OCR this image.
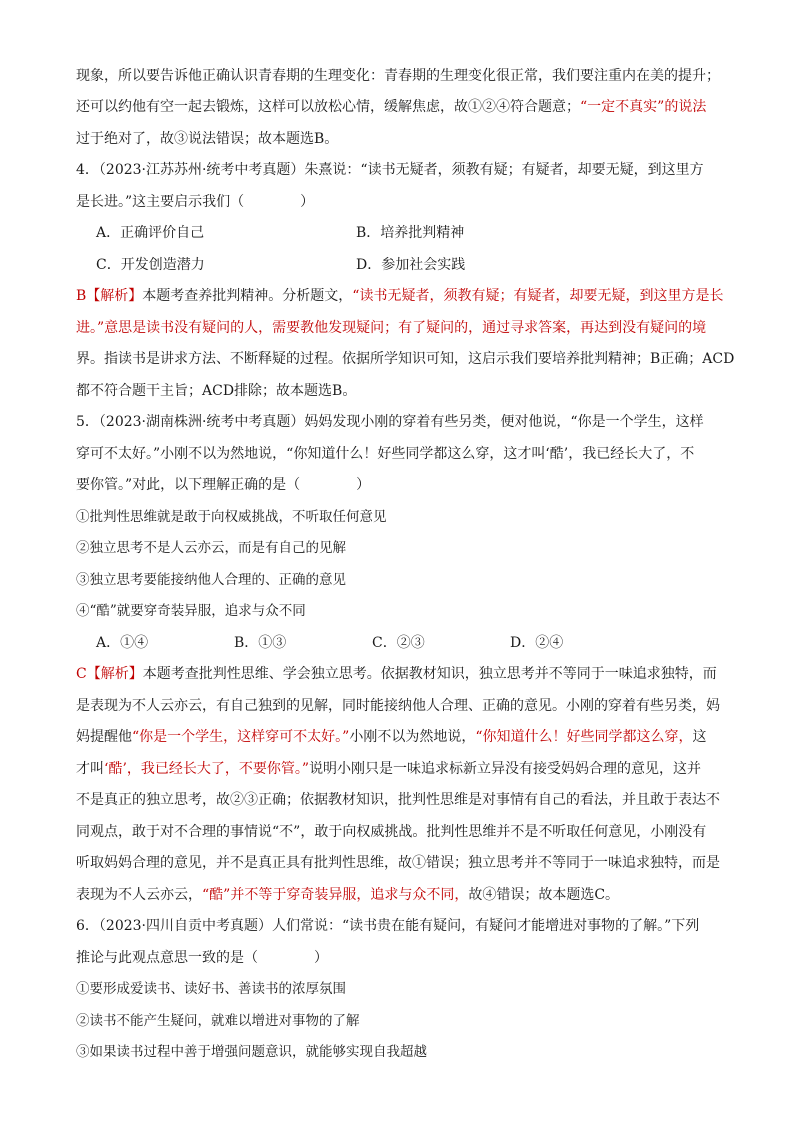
现象，所以要告诉他正确认识青春期的生理变化：青春期的生理变化很正常，我们要注重内在美的提升；
还可以约他有空一起去锻炼，这样可以放松心情，缓解焦虑，故①②④符合题意； “一定不真实”的说法
过于绝对了，故③说法错误；故本题选B。
4．（2023·江苏苏州·统考中考真题）朱熹说：“读书无疑者，须教有疑；有疑者，却要无疑，到这里方
是长进。”这主要启示我们（　　　　）
A．正确评价自己	B．培养批判精神
C．开发创造潜力	D．参加社会实践
B 【解析】 本题考查养批判精神。分析题文，“读书无疑者，须教有疑；有疑者，却要无疑，到这里方是长
进。”意思是读书没有疑问的人，需要教他发现疑问；有了疑问的，通过寻求答案，再达到没有疑问的境
界。指读书是讲求方法、不断释疑的过程。依据所学知识可知，这启示我们要培养批判精神；B正确；ACD
都不符合题干主旨；ACD排除；故本题选B。
5．（2023·湖南株洲·统考中考真题）妈妈发现小刚的穿着有些另类，便对他说，“你是一个学生，这样
穿可不太好。”小刚不以为然地说，“你知道什么！好些同学都这么穿，这才叫‘酷’，我已经长大了，不
要你管。”对此，以下理解正确的是（　　　　）
①批判性思维就是敢于向权威挑战，不听取任何意见
②独立思考不是人云亦云，而是有自己的见解
③独立思考要能接纳他人合理的、正确的意见
④“酷”就要穿奇装异服，追求与众不同
A．①④	B．①③	C．②③	D．②④
C 【解析】 本题考查批判性思维、学会独立思考。依据教材知识，独立思考并不等同于一味追求独特，而
是表现为不人云亦云，有自己独到的见解，同时能接纳他人合理、正确的意见。小刚的穿着有些另类，妈
妈提醒他 “你是一个学生，这样穿可不太好。” 小刚不以为然地说， “你知道什么！好些同学都这么穿， 这
才叫 ‘酷’，我已经长大了，不要你管。” 说明小刚只是一味追求标新立异没有接受妈妈合理的意见，这并
不是真正的独立思考，故②③正确；依据教材知识，批判性思维是对事情有自己的看法，并且敢于表达不
同观点，敢于对不合理的事情说“不”，敢于向权威挑战。批判性思维并不是不听取任何意见，小刚没有
听取妈妈合理的意见，并不是真正具有批判性思维，故①错误；独立思考并不等同于一味追求独特，而是
表现为不人云亦云， “酷”并不等于穿奇装异服，追求与众不同， 故④错误；故本题选C。
6．（2023·四川自贡中考真题）人们常说：“读书贵在能有疑问，有疑问才能增进对事物的了解。”下列
推论与此观点意思一致的是（　　　　）
①要形成爱读书、读好书、善读书的浓厚氛围
②读书不能产生疑问，就难以增进对事物的了解
③如果读书过程中善于增强问题意识，就能够实现自我超越
